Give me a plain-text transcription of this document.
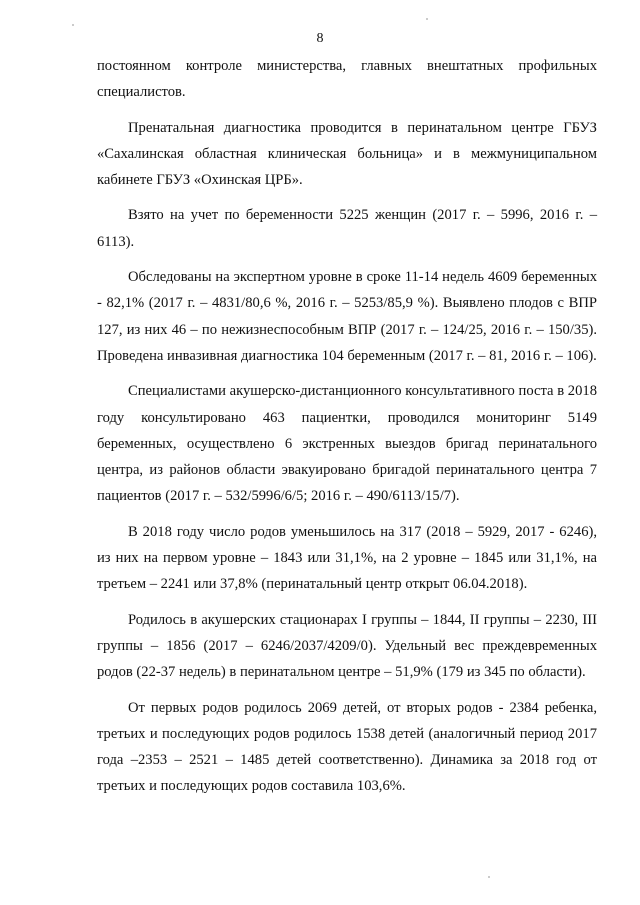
8

постоянном контроле министерства, главных внештатных профильных специалистов.

Пренатальная диагностика проводится в перинатальном центре ГБУЗ «Сахалинская областная клиническая больница» и в межмуниципальном кабинете ГБУЗ «Охинская ЦРБ».

Взято на учет по беременности 5225 женщин (2017 г. – 5996, 2016 г. – 6113).

Обследованы на экспертном уровне в сроке 11-14 недель 4609 беременных - 82,1% (2017 г. – 4831/80,6 %, 2016 г. – 5253/85,9 %). Выявлено плодов с ВПР 127, из них 46 – по нежизнеспособным ВПР (2017 г. – 124/25, 2016 г. – 150/35). Проведена инвазивная диагностика 104 беременным (2017 г. – 81, 2016 г. – 106).

Специалистами акушерско-дистанционного консультативного поста в 2018 году консультировано 463 пациентки, проводился мониторинг 5149 беременных, осуществлено 6 экстренных выездов бригад перинатального центра, из районов области эвакуировано бригадой перинатального центра 7 пациентов (2017 г. – 532/5996/6/5; 2016 г. – 490/6113/15/7).

В 2018 году число родов уменьшилось на 317 (2018 – 5929, 2017 - 6246), из них на первом уровне – 1843 или 31,1%, на 2 уровне – 1845 или 31,1%, на третьем – 2241 или 37,8% (перинатальный центр открыт 06.04.2018).

Родилось в акушерских стационарах I группы – 1844, II группы – 2230, III группы – 1856 (2017 – 6246/2037/4209/0). Удельный вес преждевременных родов (22-37 недель) в перинатальном центре – 51,9% (179 из 345 по области).

От первых родов родилось 2069 детей, от вторых родов - 2384 ребенка, третьих и последующих родов родилось 1538 детей (аналогичный период 2017 года –2353 – 2521 – 1485 детей соответственно). Динамика за 2018 год от третьих и последующих родов составила 103,6%.
